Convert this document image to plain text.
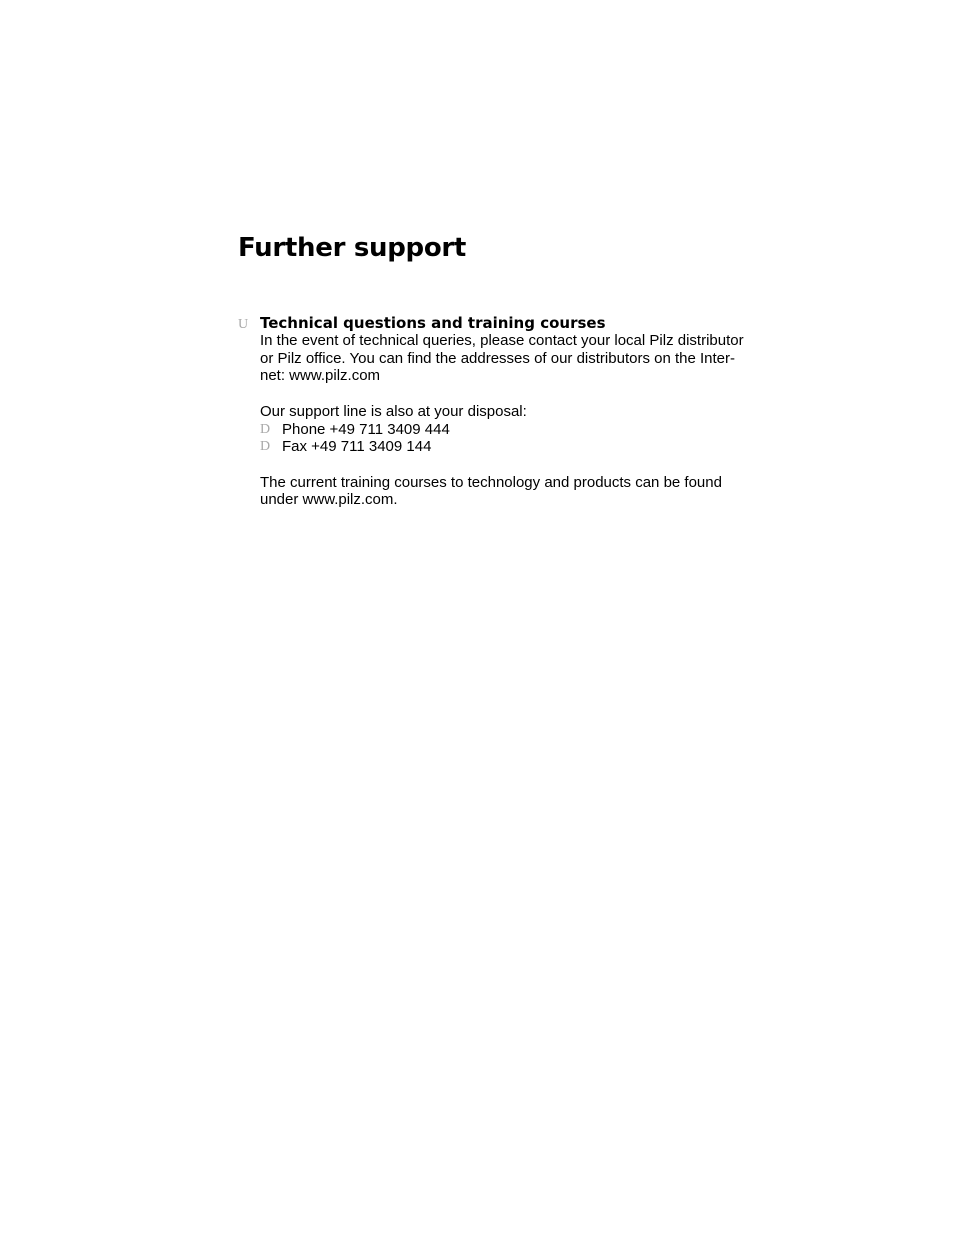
Further support
U Technical questions and training courses

In the event of technical queries, please contact your local Pilz distributor
or Pilz office. You can find the addresses of our distributors on the Inter-
net: www.pilz.com

Our support line is also at your disposal:

D Phone +49 711 3409 444
D Fax +49 711 3409 144

The current training courses to technology and products can be found
under www.pilz.com.
